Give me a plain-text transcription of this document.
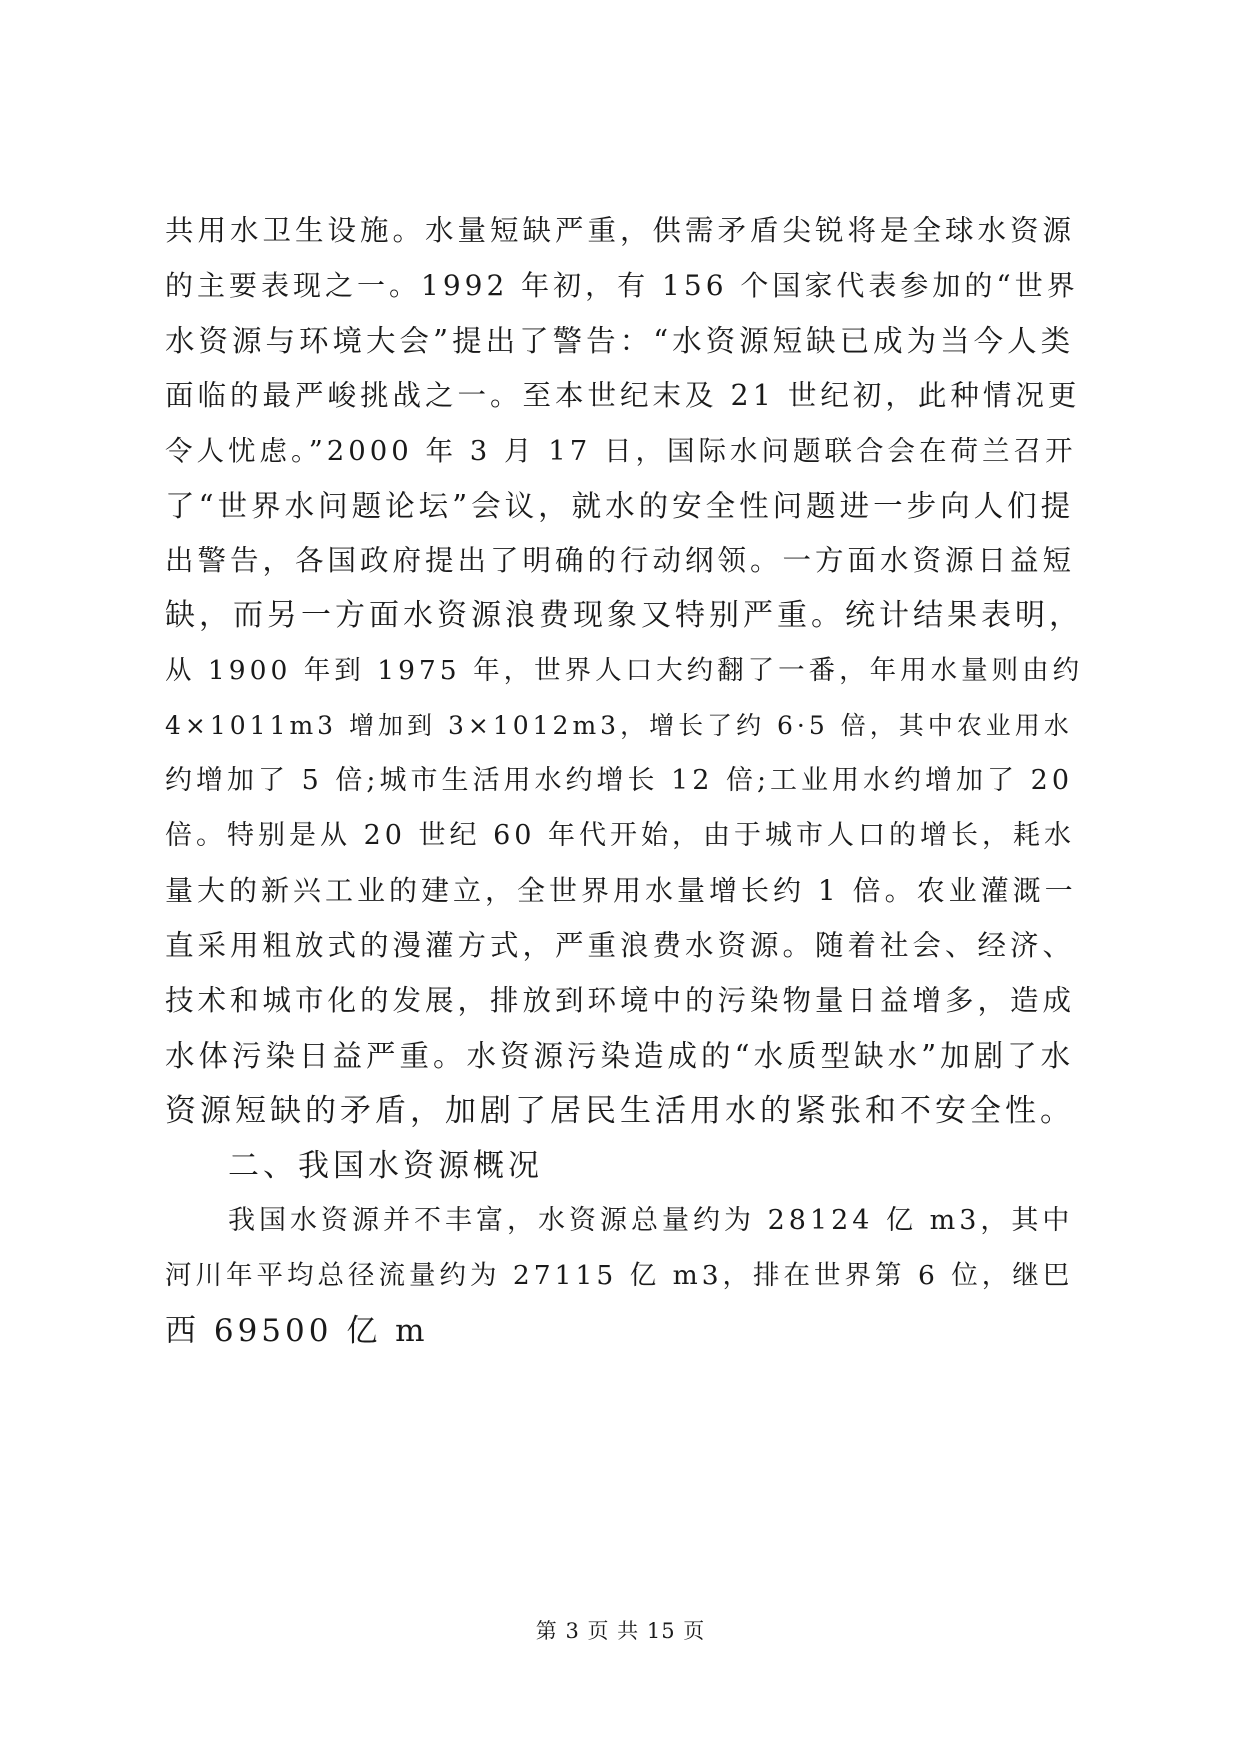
共用水卫生设施。水量短缺严重，供需矛盾尖锐将是全球水资源
的主要表现之一。1992 年初，有 156 个国家代表参加的“世界
水资源与环境大会”提出了警告：“水资源短缺已成为当今人类
面临的最严峻挑战之一。至本世纪末及 21 世纪初，此种情况更
令人忧虑。”2000 年 3 月 17 日，国际水问题联合会在荷兰召开
了“世界水问题论坛”会议，就水的安全性问题进一步向人们提
出警告，各国政府提出了明确的行动纲领。一方面水资源日益短
缺，而另一方面水资源浪费现象又特别严重。统计结果表明，
从 1900 年到 1975 年，世界人口大约翻了一番，年用水量则由约
4×1011m3 增加到 3×1012m3，增长了约 6·5 倍，其中农业用水
约增加了 5 倍;城市生活用水约增长 12 倍;工业用水约增加了 20
倍。特别是从 20 世纪 60 年代开始，由于城市人口的增长，耗水
量大的新兴工业的建立，全世界用水量增长约 1 倍。农业灌溉一
直采用粗放式的漫灌方式，严重浪费水资源。随着社会、经济、
技术和城市化的发展，排放到环境中的污染物量日益增多，造成
水体污染日益严重。水资源污染造成的“水质型缺水”加剧了水
资源短缺的矛盾，加剧了居民生活用水的紧张和不安全性。
二、我国水资源概况
我国水资源并不丰富，水资源总量约为 28124 亿 m3，其中
河川年平均总径流量约为 27115 亿 m3，排在世界第 6 位，继巴
西 69500 亿 m
第 3 页 共 15 页
